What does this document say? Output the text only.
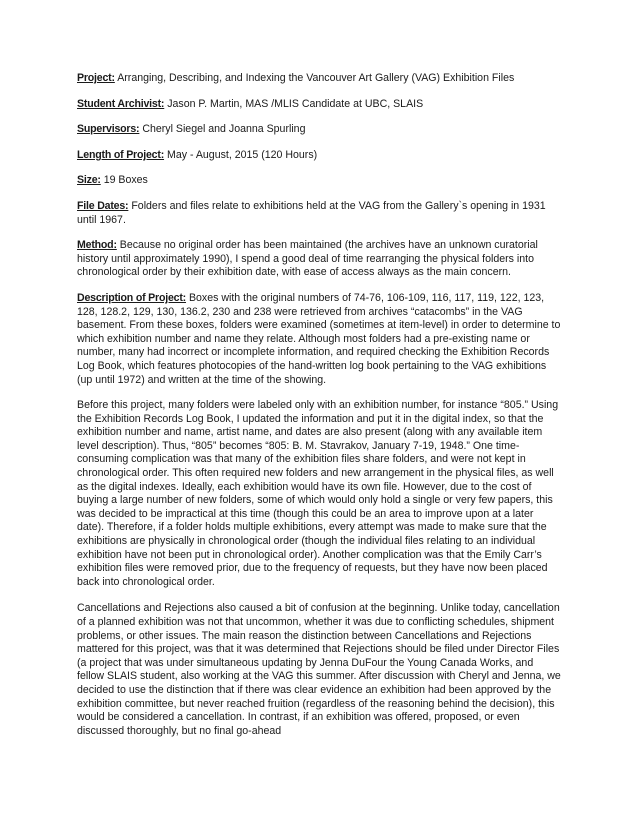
Project: Arranging, Describing, and Indexing the Vancouver Art Gallery (VAG) Exhibition Files
Student Archivist: Jason P. Martin, MAS /MLIS Candidate at UBC, SLAIS
Supervisors: Cheryl Siegel and Joanna Spurling
Length of Project: May - August, 2015 (120 Hours)
Size: 19 Boxes
File Dates: Folders and files relate to exhibitions held at the VAG from the Gallery`s opening in 1931 until 1967.
Method: Because no original order has been maintained (the archives have an unknown curatorial history until approximately 1990), I spend a good deal of time rearranging the physical folders into chronological order by their exhibition date, with ease of access always as the main concern.
Description of Project: Boxes with the original numbers of 74-76, 106-109, 116, 117, 119, 122, 123, 128, 128.2, 129, 130, 136.2, 230 and 238 were retrieved from archives “catacombs” in the VAG basement. From these boxes, folders were examined (sometimes at item-level) in order to determine to which exhibition number and name they relate. Although most folders had a pre-existing name or number, many had incorrect or incomplete information, and required checking the Exhibition Records Log Book, which features photocopies of the hand-written log book pertaining to the VAG exhibitions (up until 1972) and written at the time of the showing.

Before this project, many folders were labeled only with an exhibition number, for instance “805.” Using the Exhibition Records Log Book, I updated the information and put it in the digital index, so that the exhibition number and name, artist name, and dates are also present (along with any available item level description). Thus, “805” becomes “805: B. M. Stavrakov, January 7-19, 1948.” One time-consuming complication was that many of the exhibition files share folders, and were not kept in chronological order. This often required new folders and new arrangement in the physical files, as well as the digital indexes. Ideally, each exhibition would have its own file. However, due to the cost of buying a large number of new folders, some of which would only hold a single or very few papers, this was decided to be impractical at this time (though this could be an area to improve upon at a later date). Therefore, if a folder holds multiple exhibitions, every attempt was made to make sure that the exhibitions are physically in chronological order (though the individual files relating to an individual exhibition have not been put in chronological order). Another complication was that the Emily Carr’s exhibition files were removed prior, due to the frequency of requests, but they have now been placed back into chronological order.

Cancellations and Rejections also caused a bit of confusion at the beginning. Unlike today, cancellation of a planned exhibition was not that uncommon, whether it was due to conflicting schedules, shipment problems, or other issues. The main reason the distinction between Cancellations and Rejections mattered for this project, was that it was determined that Rejections should be filed under Director Files (a project that was under simultaneous updating by Jenna DuFour the Young Canada Works, and fellow SLAIS student, also working at the VAG this summer. After discussion with Cheryl and Jenna, we decided to use the distinction that if there was clear evidence an exhibition had been approved by the exhibition committee, but never reached fruition (regardless of the reasoning behind the decision), this would be considered a cancellation. In contrast, if an exhibition was offered, proposed, or even discussed thoroughly, but no final go-ahead
